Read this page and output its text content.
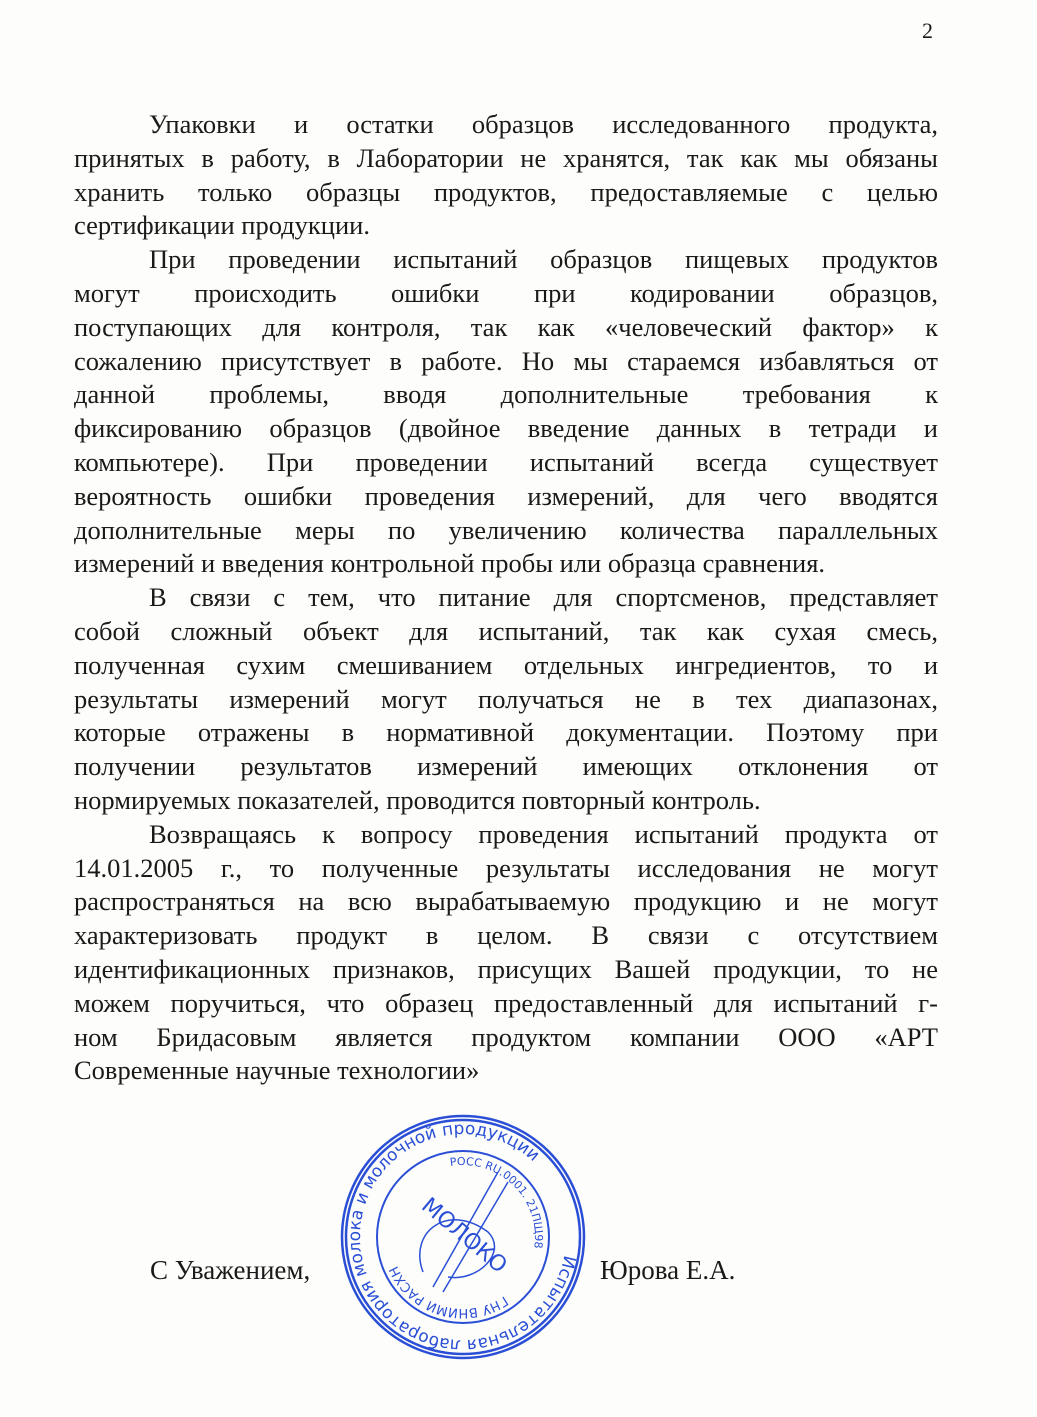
2
Упаковки и остатки образцов исследованного продукта,
принятых в работу, в Лаборатории не хранятся, так как мы обязаны
хранить только образцы продуктов, предоставляемые с целью
сертификации продукции.
При проведении испытаний образцов пищевых продуктов
могут происходить ошибки при кодировании образцов,
поступающих для контроля, так как «человеческий фактор» к
сожалению присутствует в работе. Но мы стараемся избавляться от
данной проблемы, вводя дополнительные требования к
фиксированию образцов (двойное введение данных в тетради и
компьютере). При проведении испытаний всегда существует
вероятность ошибки проведения измерений, для чего вводятся
дополнительные меры по увеличению количества параллельных
измерений и введения контрольной пробы или образца сравнения.
В связи с тем, что питание для спортсменов, представляет
собой сложный объект для испытаний, так как сухая смесь,
полученная сухим смешиванием отдельных ингредиентов, то и
результаты измерений могут получаться не в тех диапазонах,
которые отражены в нормативной документации. Поэтому при
получении результатов измерений имеющих отклонения от
нормируемых показателей, проводится повторный контроль.
Возвращаясь к вопросу проведения испытаний продукта от
14.01.2005 г., то полученные результаты исследования не могут
распространяться на всю вырабатываемую продукцию и не могут
характеризовать продукт в целом. В связи с отсутствием
идентификационных признаков, присущих Вашей продукции, то не
можем поручиться, что образец предоставленный для испытаний г-
ном Бридасовым является продуктом компании ООО «АРТ
Современные научные технологии»
Испытательная лаборатория молока и молочной продукции
ГНУ ВНИМИ РАСХН
РОСС RU.0001. 21ПЩ98
МОЛОКО
С Уважением,	Юрова Е.А.
